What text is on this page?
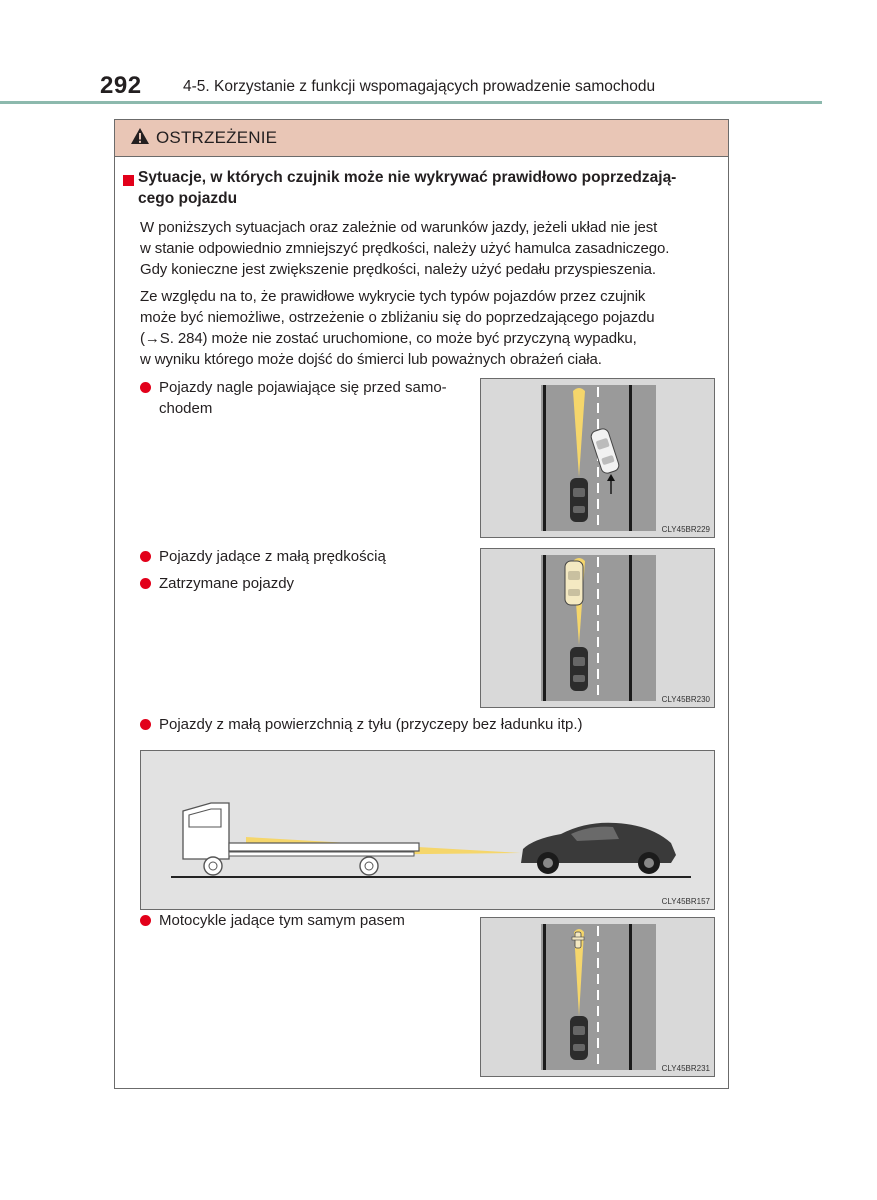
292	4-5. Korzystanie z funkcji wspomagających prowadzenie samochodu
OSTRZEŻENIE
Sytuacje, w których czujnik może nie wykrywać prawidłowo poprzedzają-
cego pojazdu
W poniższych sytuacjach oraz zależnie od warunków jazdy, jeżeli układ nie jest
w stanie odpowiednio zmniejszyć prędkości, należy użyć hamulca zasadniczego.
Gdy konieczne jest zwiększenie prędkości, należy użyć pedału przyspieszenia.
Ze względu na to, że prawidłowe wykrycie tych typów pojazdów przez czujnik
może być niemożliwe, ostrzeżenie o zbliżaniu się do poprzedzającego pojazdu
(→S. 284) może nie zostać uruchomione, co może być przyczyną wypadku,
w wyniku którego może dojść do śmierci lub poważnych obrażeń ciała.
Pojazdy nagle pojawiające się przed samo-
chodem
CLY45BR229
Pojazdy jadące z małą prędkością
Zatrzymane pojazdy
CLY45BR230
Pojazdy z małą powierzchnią z tyłu (przyczepy bez ładunku itp.)
CLY45BR157
Motocykle jadące tym samym pasem
CLY45BR231
